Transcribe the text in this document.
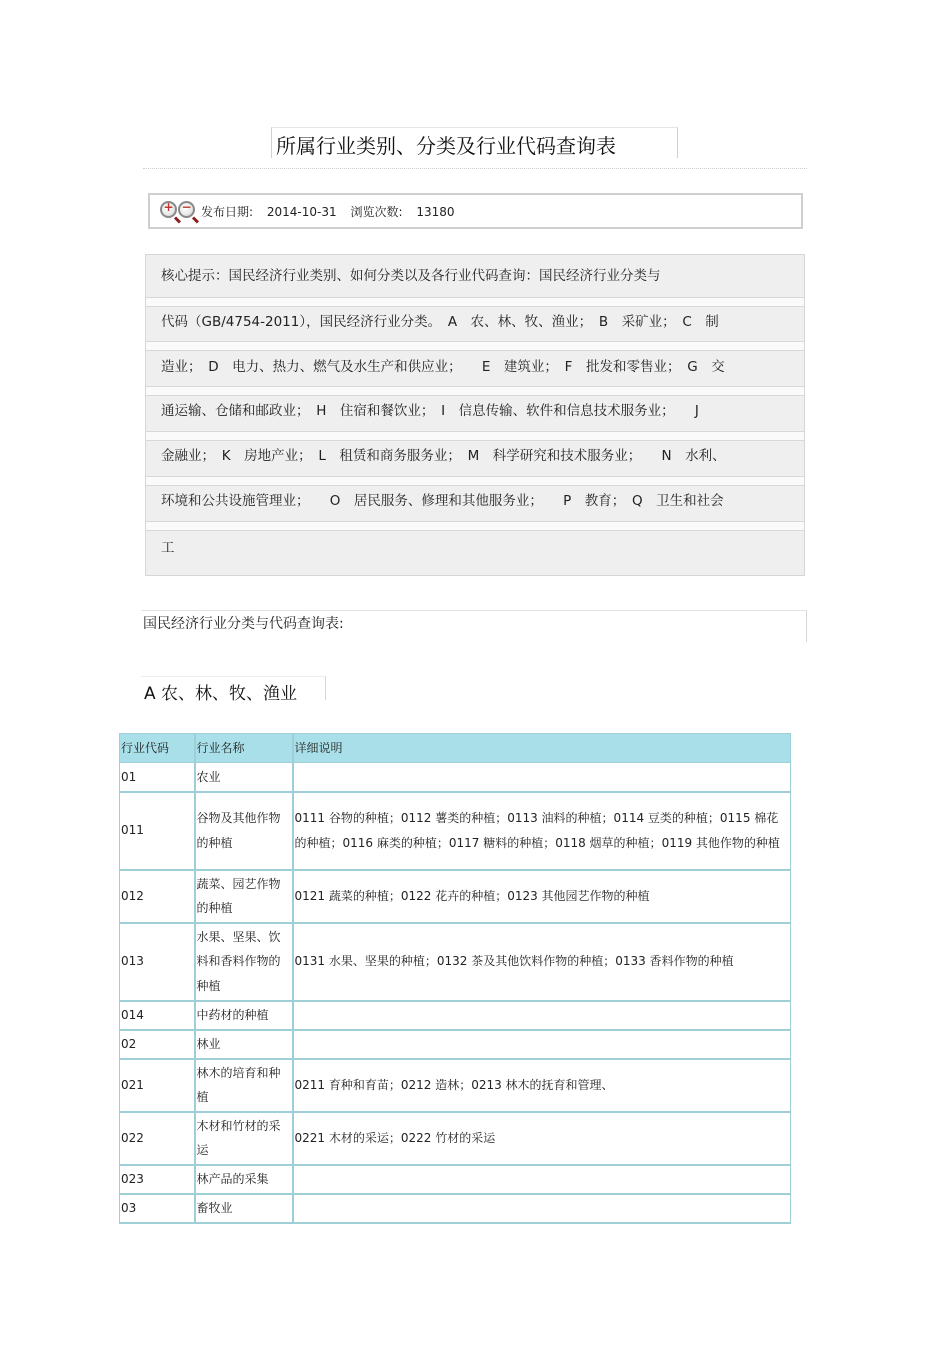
所属行业类别、分类及行业代码查询表
+ − 发布日期: 2014-10-31 浏览次数: 13180
核心提示：国民经济行业类别、如何分类以及各行业代码查询：国民经济行业分类与
代码（GB/4754-2011），国民经济行业分类。　A　农、林、牧、渔业；　B　采矿业；　C　制
造业；　D　电力、热力、燃气及水生产和供应业；　　E　建筑业；　F　批发和零售业；　G　交
通运输、仓储和邮政业；　H　住宿和餐饮业；　I　信息传输、软件和信息技术服务业；　　J
金融业；　K　房地产业；　L　租赁和商务服务业；　M　科学研究和技术服务业；　　N　水利、
环境和公共设施管理业；　　O　居民服务、修理和其他服务业；　　P　教育；　Q　卫生和社会
工
国民经济行业分类与代码查询表:
A 农、林、牧、渔业
行业代码	行业名称	详细说明
01	农业	
011	谷物及其他作物的种植	0111 谷物的种植；0112 薯类的种植；0113 油料的种植；0114 豆类的种植；0115 棉花的种植；0116 麻类的种植；0117 糖料的种植；0118 烟草的种植；0119 其他作物的种植
012	蔬菜、园艺作物的种植	0121 蔬菜的种植；0122 花卉的种植；0123 其他园艺作物的种植
013	水果、坚果、饮料和香料作物的种植	0131 水果、坚果的种植；0132 茶及其他饮料作物的种植；0133 香料作物的种植
014	中药材的种植	
02	林业	
021	林木的培育和种植	0211 育种和育苗；0212 造林；0213 林木的抚育和管理、
022	木材和竹材的采运	0221 木材的采运；0222 竹材的采运
023	林产品的采集	
03	畜牧业	
